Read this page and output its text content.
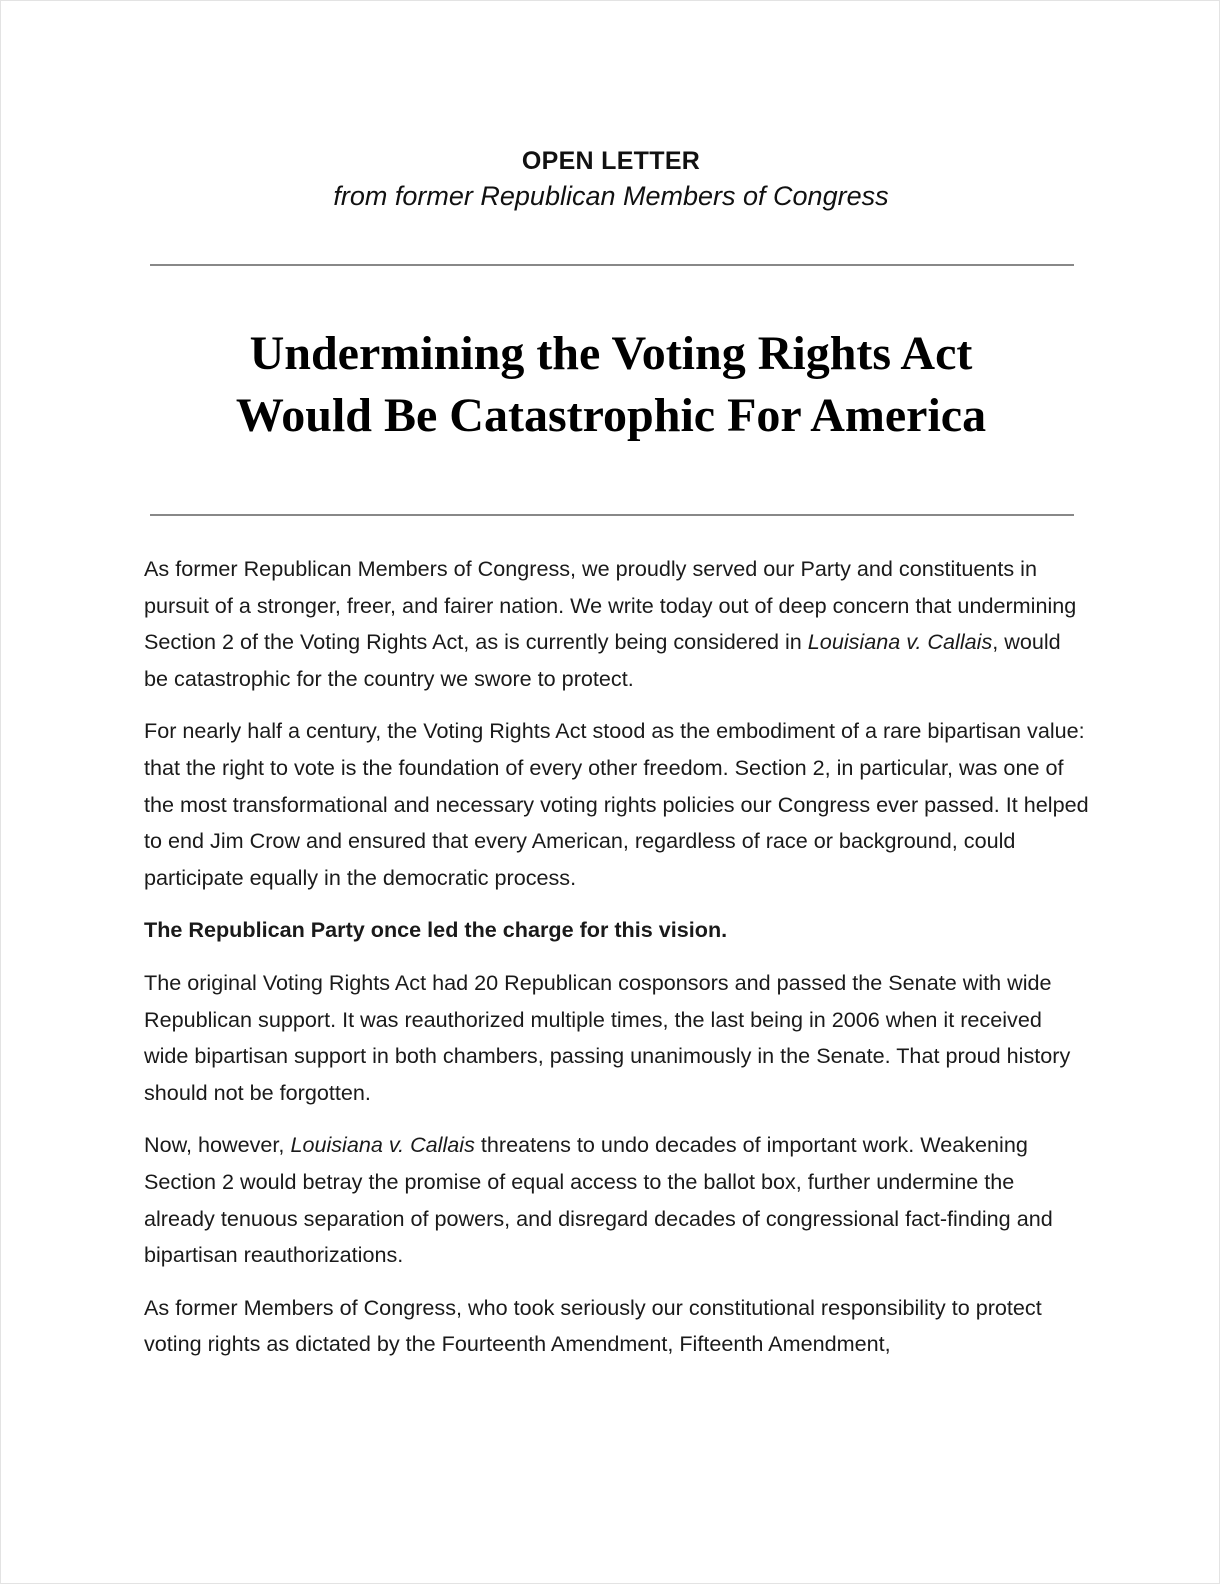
OPEN LETTER
from former Republican Members of Congress
Undermining the Voting Rights Act
Would Be Catastrophic For America

As former Republican Members of Congress, we proudly served our Party and constituents in pursuit of a stronger, freer, and fairer nation. We write today out of deep concern that undermining Section 2 of the Voting Rights Act, as is currently being considered in Louisiana v. Callais, would be catastrophic for the country we swore to protect.

For nearly half a century, the Voting Rights Act stood as the embodiment of a rare bipartisan value: that the right to vote is the foundation of every other freedom. Section 2, in particular, was one of the most transformational and necessary voting rights policies our Congress ever passed. It helped to end Jim Crow and ensured that every American, regardless of race or background, could participate equally in the democratic process.

The Republican Party once led the charge for this vision.

The original Voting Rights Act had 20 Republican cosponsors and passed the Senate with wide Republican support. It was reauthorized multiple times, the last being in 2006 when it received wide bipartisan support in both chambers, passing unanimously in the Senate. That proud history should not be forgotten.

Now, however, Louisiana v. Callais threatens to undo decades of important work. Weakening Section 2 would betray the promise of equal access to the ballot box, further undermine the already tenuous separation of powers, and disregard decades of congressional fact-finding and bipartisan reauthorizations.

As former Members of Congress, who took seriously our constitutional responsibility to protect voting rights as dictated by the Fourteenth Amendment, Fifteenth Amendment,
